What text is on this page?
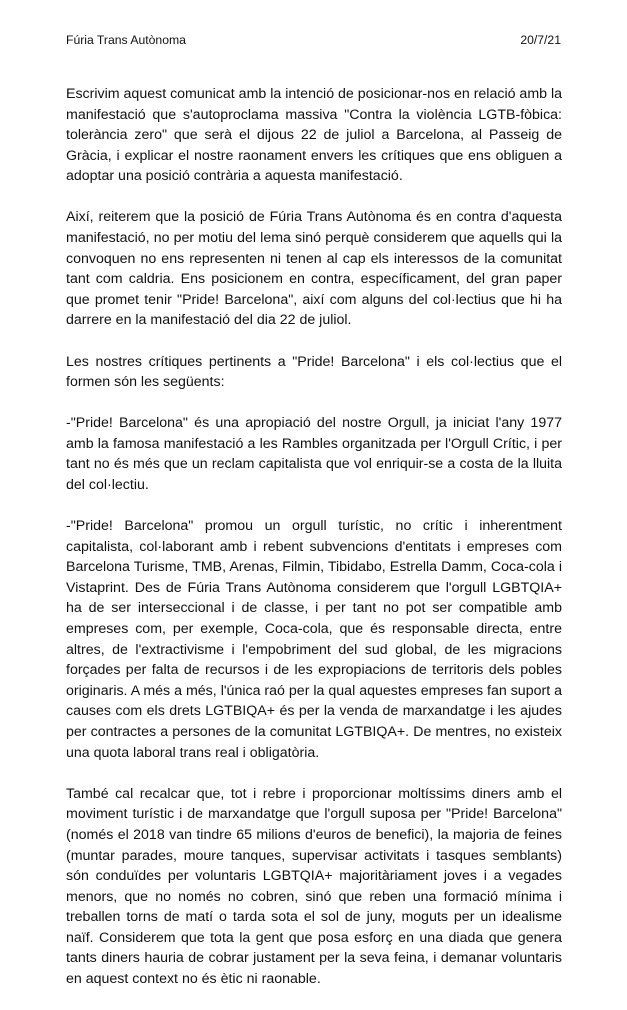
Fúria Trans Autònoma	20/7/21

Escrivim aquest comunicat amb la intenció de posicionar-nos en relació amb la manifestació que s'autoproclama massiva "Contra la violència LGTB-fòbica: tolerància zero" que serà el dijous 22 de juliol a Barcelona, al Passeig de Gràcia, i explicar el nostre raonament envers les crítiques que ens obliguen a adoptar una posició contrària a aquesta manifestació.

Així, reiterem que la posició de Fúria Trans Autònoma és en contra d'aquesta manifestació, no per motiu del lema sinó perquè considerem que aquells qui la convoquen no ens representen ni tenen al cap els interessos de la comunitat tant com caldria. Ens posicionem en contra, específicament, del gran paper que promet tenir "Pride! Barcelona", així com alguns del col·lectius que hi ha darrere en la manifestació del dia 22 de juliol.

Les nostres crítiques pertinents a "Pride! Barcelona" i els col·lectius que el formen són les següents:

-"Pride! Barcelona" és una apropiació del nostre Orgull, ja iniciat l'any 1977 amb la famosa manifestació a les Rambles organitzada per l'Orgull Crític, i per tant no és més que un reclam capitalista que vol enriquir-se a costa de la lluita del col·lectiu.

-"Pride! Barcelona" promou un orgull turístic, no crític i inherentment capitalista, col·laborant amb i rebent subvencions d'entitats i empreses com Barcelona Turisme, TMB, Arenas, Filmin, Tibidabo, Estrella Damm, Coca-cola i Vistaprint. Des de Fúria Trans Autònoma considerem que l'orgull LGBTQIA+ ha de ser interseccional i de classe, i per tant no pot ser compatible amb empreses com, per exemple, Coca-cola, que és responsable directa, entre altres, de l'extractivisme i l'empobriment del sud global, de les migracions forçades per falta de recursos i de les expropiacions de territoris dels pobles originaris. A més a més, l'única raó per la qual aquestes empreses fan suport a causes com els drets LGTBIQA+ és per la venda de marxandatge i les ajudes per contractes a persones de la comunitat LGTBIQA+. De mentres, no existeix una quota laboral trans real i obligatòria.

També cal recalcar que, tot i rebre i proporcionar moltíssims diners amb el moviment turístic i de marxandatge que l'orgull suposa per "Pride! Barcelona" (només el 2018 van tindre 65 milions d'euros de benefici), la majoria de feines (muntar parades, moure tanques, supervisar activitats i tasques semblants) són conduïdes per voluntaris LGBTQIA+ majoritàriament joves i a vegades menors, que no només no cobren, sinó que reben una formació mínima i treballen torns de matí o tarda sota el sol de juny, moguts per un idealisme naïf. Considerem que tota la gent que posa esforç en una diada que genera tants diners hauria de cobrar justament per la seva feina, i demanar voluntaris en aquest context no és ètic ni raonable.
